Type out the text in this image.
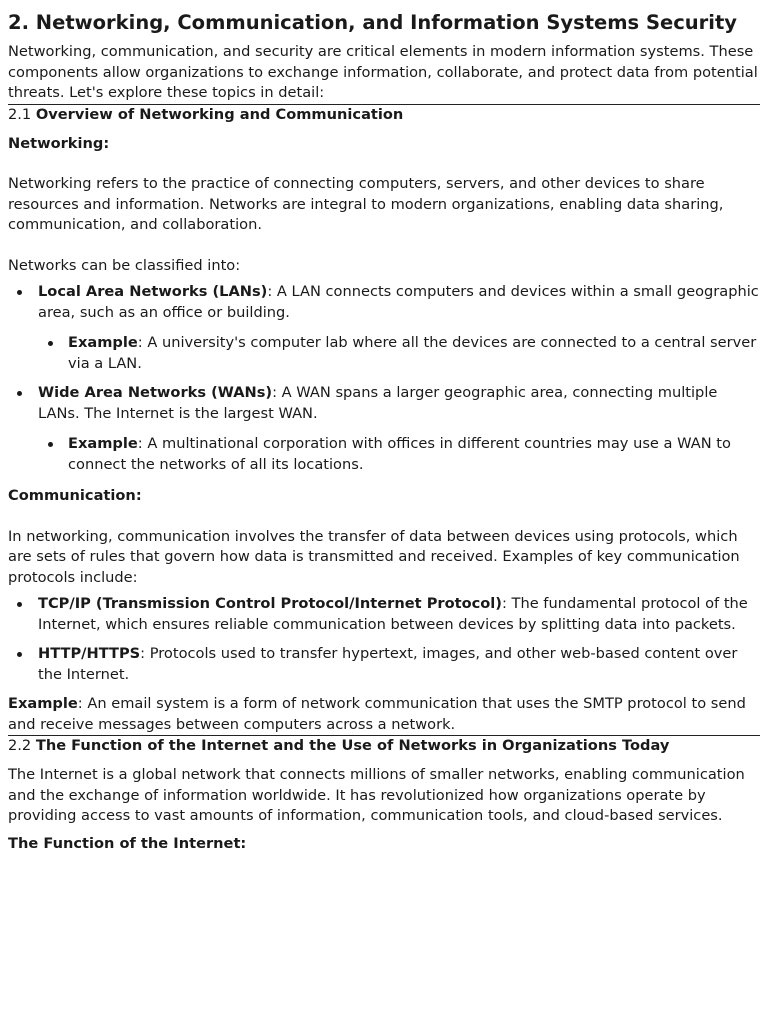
2. Networking, Communication, and Information Systems Security

Networking, communication, and security are critical elements in modern information systems. These components allow organizations to exchange information, collaborate, and protect data from potential threats. Let's explore these topics in detail:

2.1 Overview of Networking and Communication

Networking:

Networking refers to the practice of connecting computers, servers, and other devices to share resources and information. Networks are integral to modern organizations, enabling data sharing, communication, and collaboration.

Networks can be classified into:

Local Area Networks (LANs): A LAN connects computers and devices within a small geographic area, such as an office or building.
Example: A university's computer lab where all the devices are connected to a central server via a LAN.
Wide Area Networks (WANs): A WAN spans a larger geographic area, connecting multiple LANs. The Internet is the largest WAN.
Example: A multinational corporation with offices in different countries may use a WAN to connect the networks of all its locations.

Communication:

In networking, communication involves the transfer of data between devices using protocols, which are sets of rules that govern how data is transmitted and received. Examples of key communication protocols include:

TCP/IP (Transmission Control Protocol/Internet Protocol): The fundamental protocol of the Internet, which ensures reliable communication between devices by splitting data into packets.
HTTP/HTTPS: Protocols used to transfer hypertext, images, and other web-based content over the Internet.

Example: An email system is a form of network communication that uses the SMTP protocol to send and receive messages between computers across a network.

2.2 The Function of the Internet and the Use of Networks in Organizations Today

The Internet is a global network that connects millions of smaller networks, enabling communication and the exchange of information worldwide. It has revolutionized how organizations operate by providing access to vast amounts of information, communication tools, and cloud-based services.

The Function of the Internet:
